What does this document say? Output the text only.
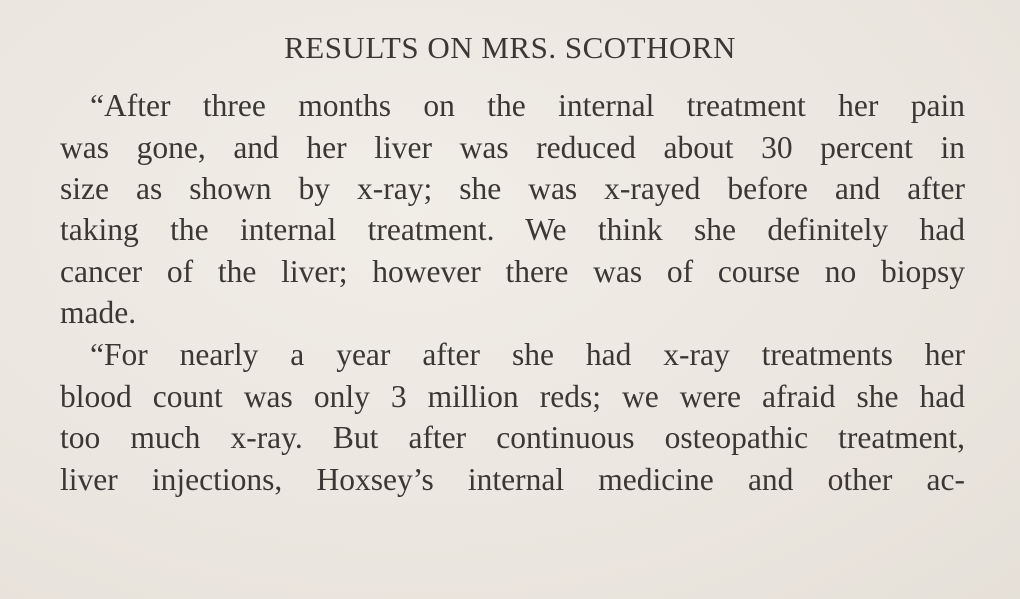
RESULTS ON MRS. SCOTHORN
“After three months on the internal treatment her pain
was gone, and her liver was reduced about 30 percent in
size as shown by x-ray; she was x-rayed before and after
taking the internal treatment. We think she definitely had
cancer of the liver; however there was of course no biopsy
made.
“For nearly a year after she had x-ray treatments her
blood count was only 3 million reds; we were afraid she had
too much x-ray. But after continuous osteopathic treatment,
liver injections, Hoxsey’s internal medicine and other ac-
